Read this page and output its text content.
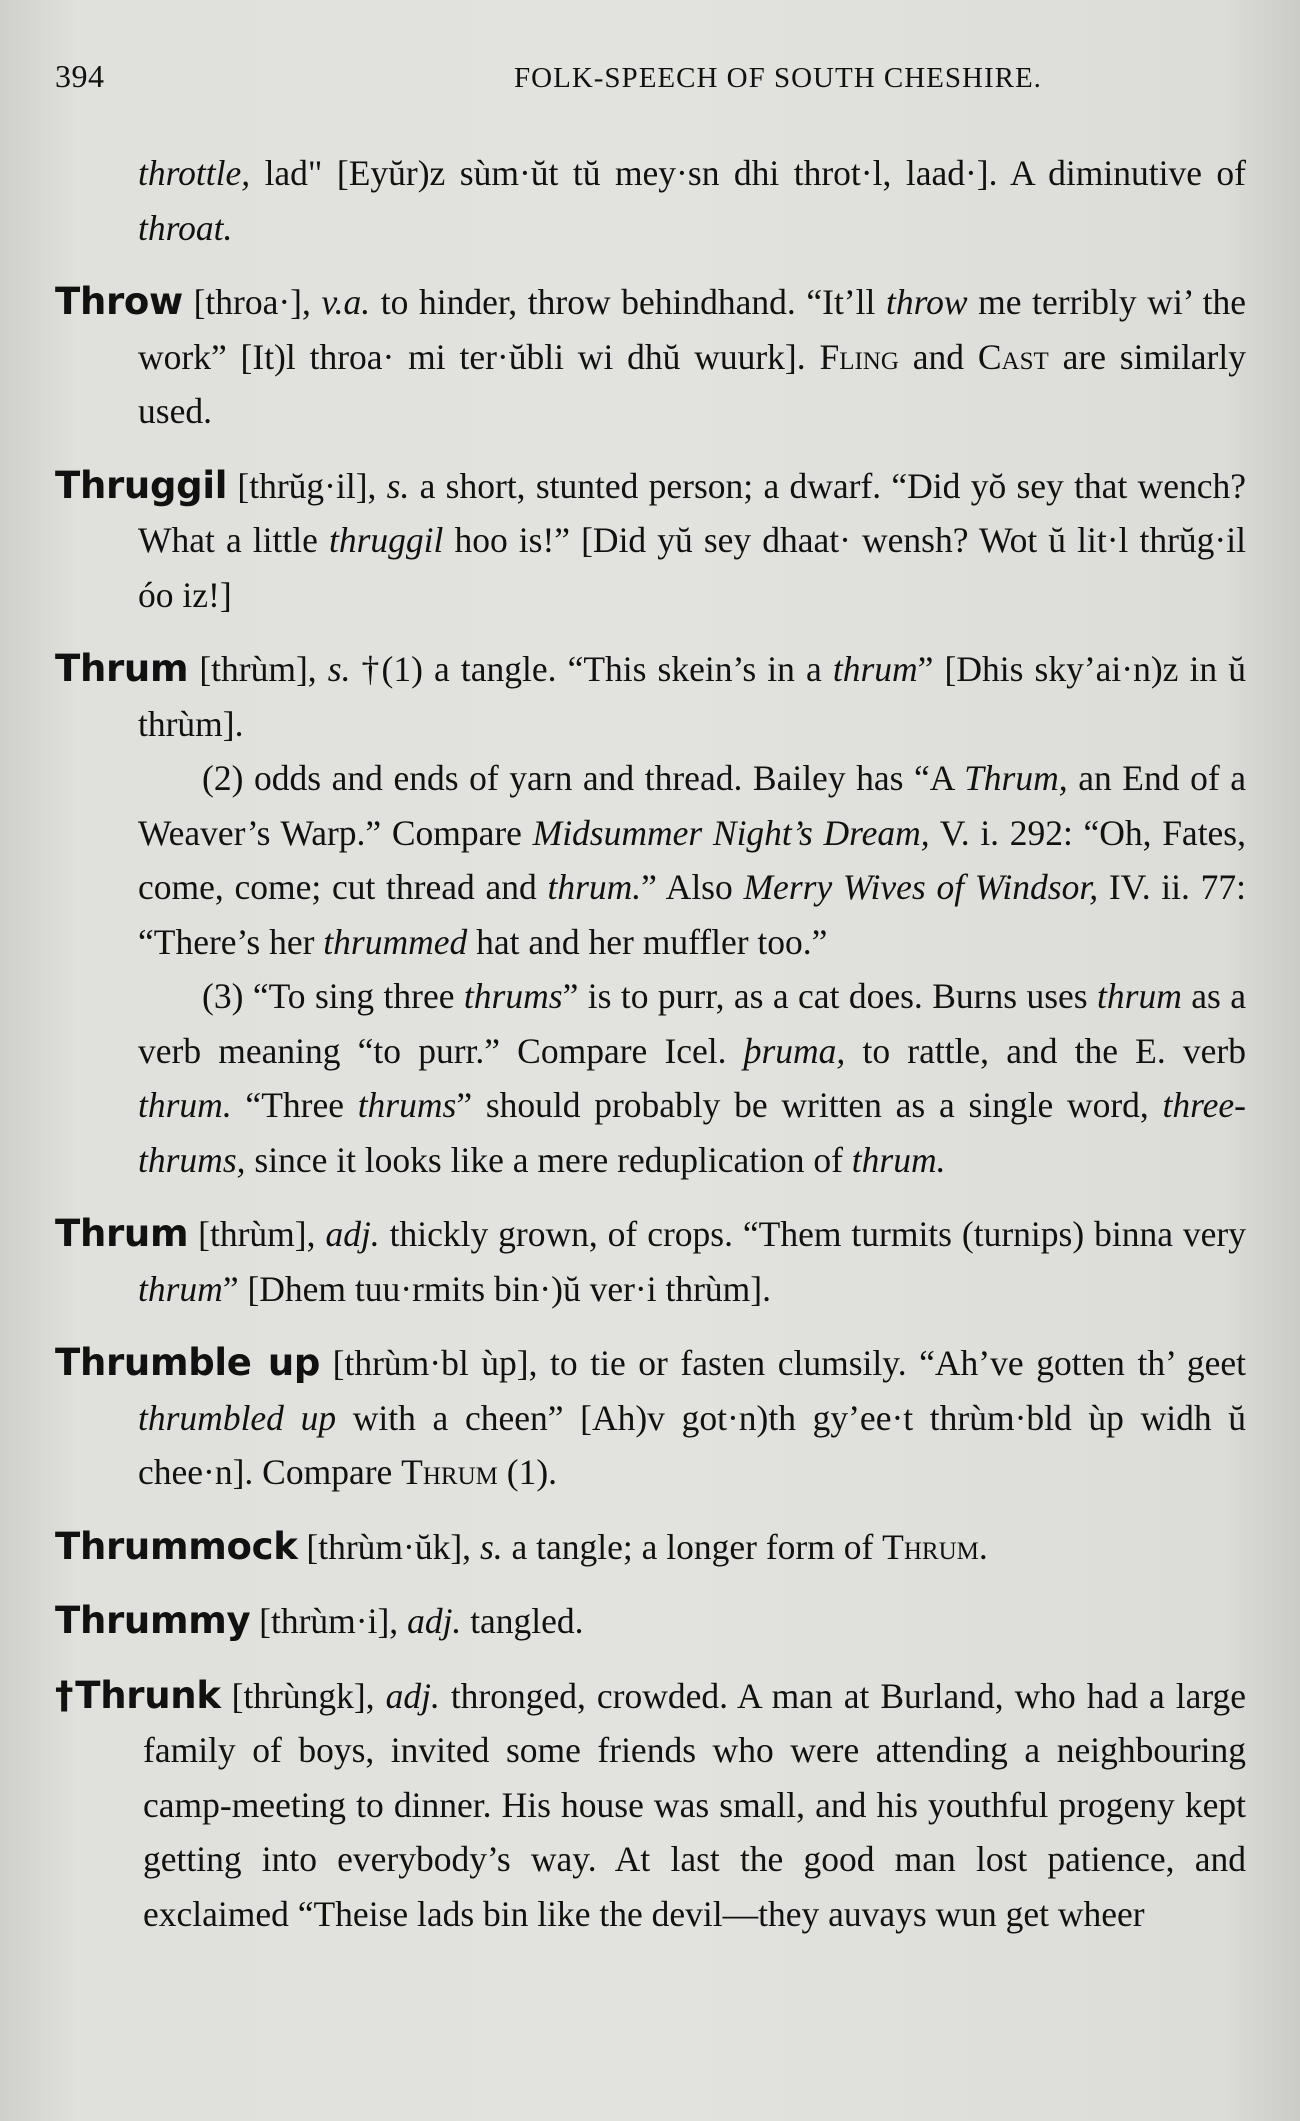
394	FOLK-SPEECH OF SOUTH CHESHIRE.

throttle, lad" [Eyŭr)z sùm·ŭt tŭ mey·sn dhi throt·l, laad·]. A diminutive of throat.

Throw [throa·], v.a. to hinder, throw behindhand. “It’ll throw me terribly wi’ the work” [It)l throa· mi ter·ŭbli wi dhŭ wuurk]. Fling and Cast are similarly used.

Thruggil [thrŭg·il], s. a short, stunted person; a dwarf. “Did yŏ sey that wench? What a little thruggil hoo is!” [Did yŭ sey dhaat· wensh? Wot ŭ lit·l thrŭg·il óo iz!]

Thrum [thrùm], s. †(1) a tangle. “This skein’s in a thrum” [Dhis sky’ai·n)z in ŭ thrùm].
(2) odds and ends of yarn and thread. Bailey has “A Thrum, an End of a Weaver’s Warp.” Compare Midsummer Night’s Dream, V. i. 292: “Oh, Fates, come, come; cut thread and thrum.” Also Merry Wives of Windsor, IV. ii. 77: “There’s her thrummed hat and her muffler too.”
(3) “To sing three thrums” is to purr, as a cat does. Burns uses thrum as a verb meaning “to purr.” Compare Icel. þruma, to rattle, and the E. verb thrum. “Three thrums” should probably be written as a single word, three-thrums, since it looks like a mere reduplication of thrum.

Thrum [thrùm], adj. thickly grown, of crops. “Them turmits (turnips) binna very thrum” [Dhem tuu·rmits bin·)ŭ ver·i thrùm].

Thrumble up [thrùm·bl ùp], to tie or fasten clumsily. “Ah’ve gotten th’ geet thrumbled up with a cheen” [Ah)v got·n)th gy’ee·t thrùm·bld ùp widh ŭ chee·n]. Compare Thrum (1).

Thrummock [thrùm·ŭk], s. a tangle; a longer form of Thrum.

Thrummy [thrùm·i], adj. tangled.

†Thrunk [thrùngk], adj. thronged, crowded. A man at Burland, who had a large family of boys, invited some friends who were attending a neighbouring camp-meeting to dinner. His house was small, and his youthful progeny kept getting into everybody’s way. At last the good man lost patience, and exclaimed “Theise lads bin like the devil—they auvays wun get wheer
